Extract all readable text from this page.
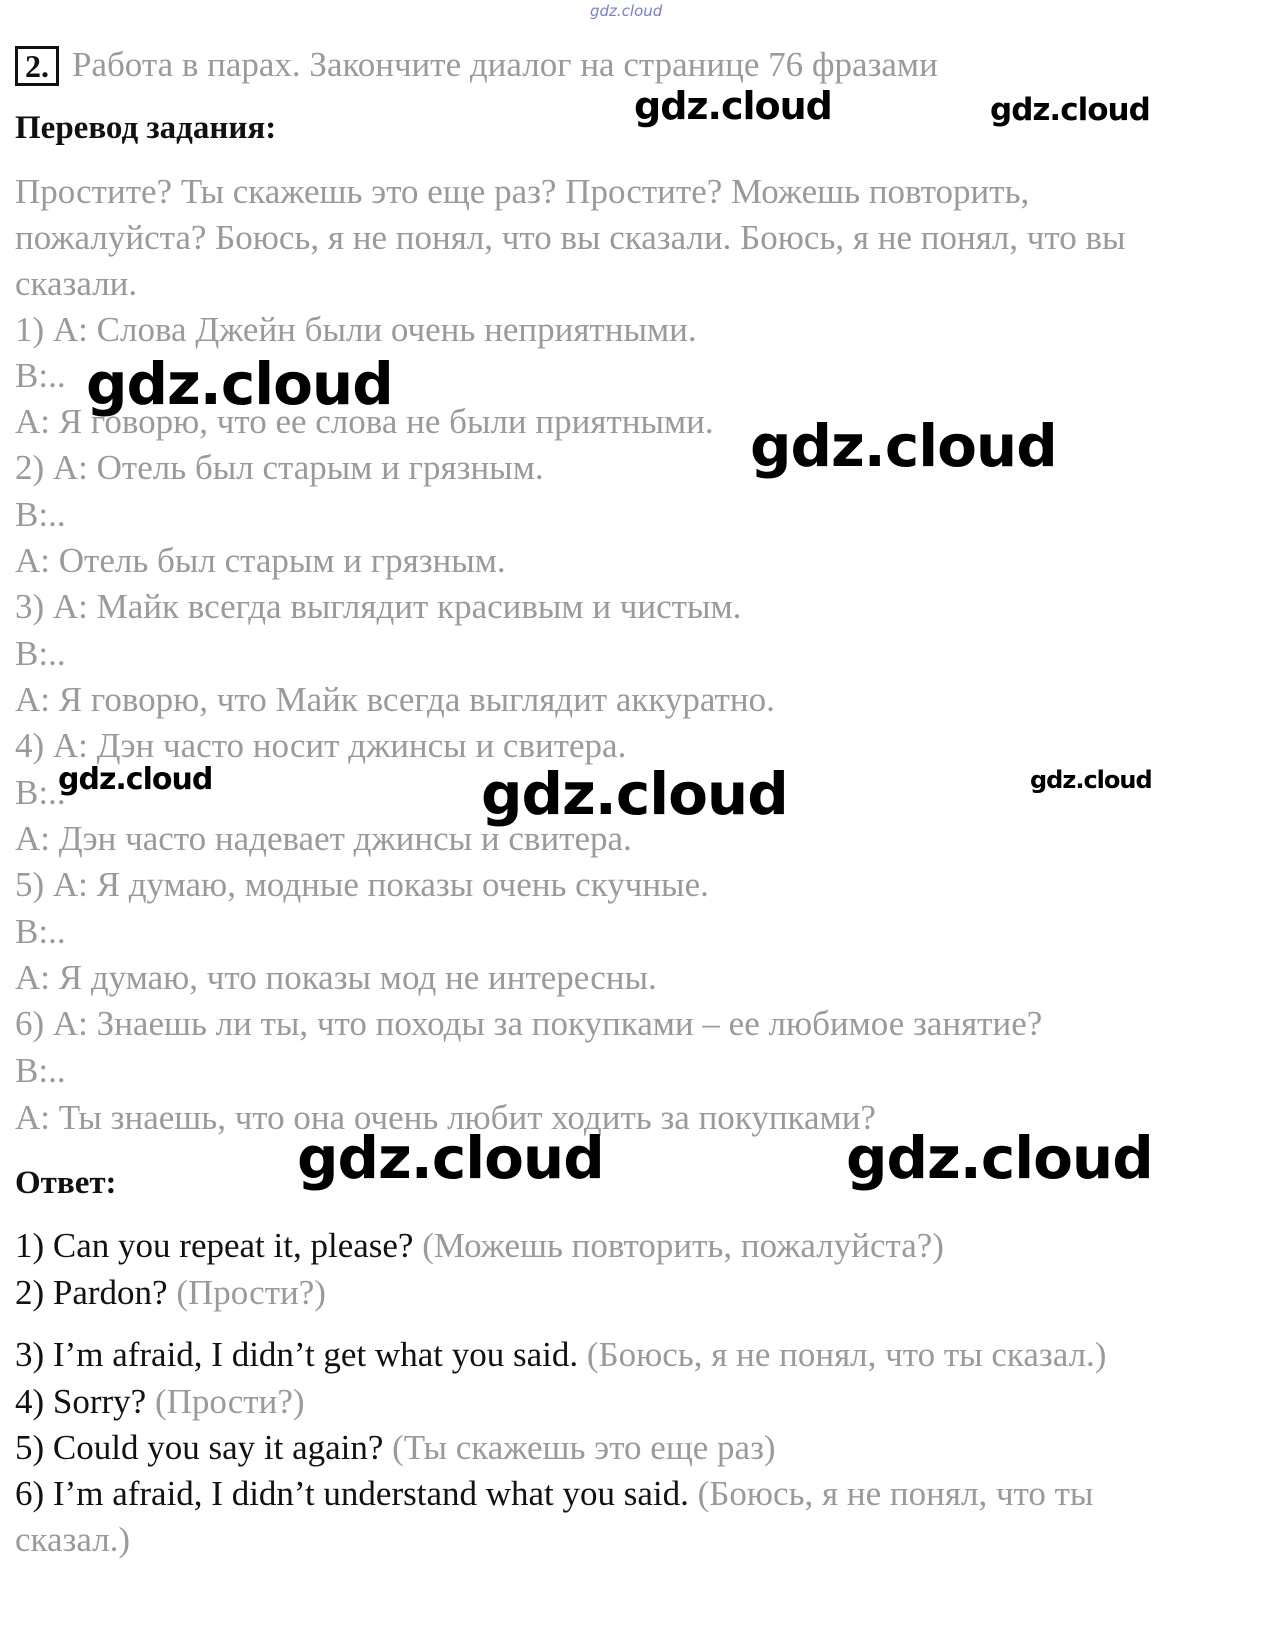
gdz.cloud
2. Работа в парах. Закончите диалог на странице 76 фразами
Перевод задания:
Простите? Ты скажешь это еще раз? Простите? Можешь повторить,
пожалуйста? Боюсь, я не понял, что вы сказали. Боюсь, я не понял, что вы
сказали.
1) А: Слова Джейн были очень неприятными.
В:..
А: Я говорю, что ее слова не были приятными.
2) А: Отель был старым и грязным.
В:..
А: Отель был старым и грязным.
3) А: Майк всегда выглядит красивым и чистым.
В:..
А: Я говорю, что Майк всегда выглядит аккуратно.
4) А: Дэн часто носит джинсы и свитера.
В:..
А: Дэн часто надевает джинсы и свитера.
5) А: Я думаю, модные показы очень скучные.
В:..
А: Я думаю, что показы мод не интересны.
6) А: Знаешь ли ты, что походы за покупками – ее любимое занятие?
В:..
А: Ты знаешь, что она очень любит ходить за покупками?
Ответ:
1) Can you repeat it, please? (Можешь повторить, пожалуйста?)
2) Pardon? (Прости?)
3) I’m afraid, I didn’t get what you said. (Боюсь, я не понял, что ты сказал.)
4) Sorry? (Прости?)
5) Could you say it again? (Ты скажешь это еще раз)
6) I’m afraid, I didn’t understand what you said. (Боюсь, я не понял, что ты
сказал.)
gdz.cloud	gdz.cloud
gdz.cloud
gdz.cloud
gdz.cloud	gdz.cloud	gdz.cloud
gdz.cloud	gdz.cloud
